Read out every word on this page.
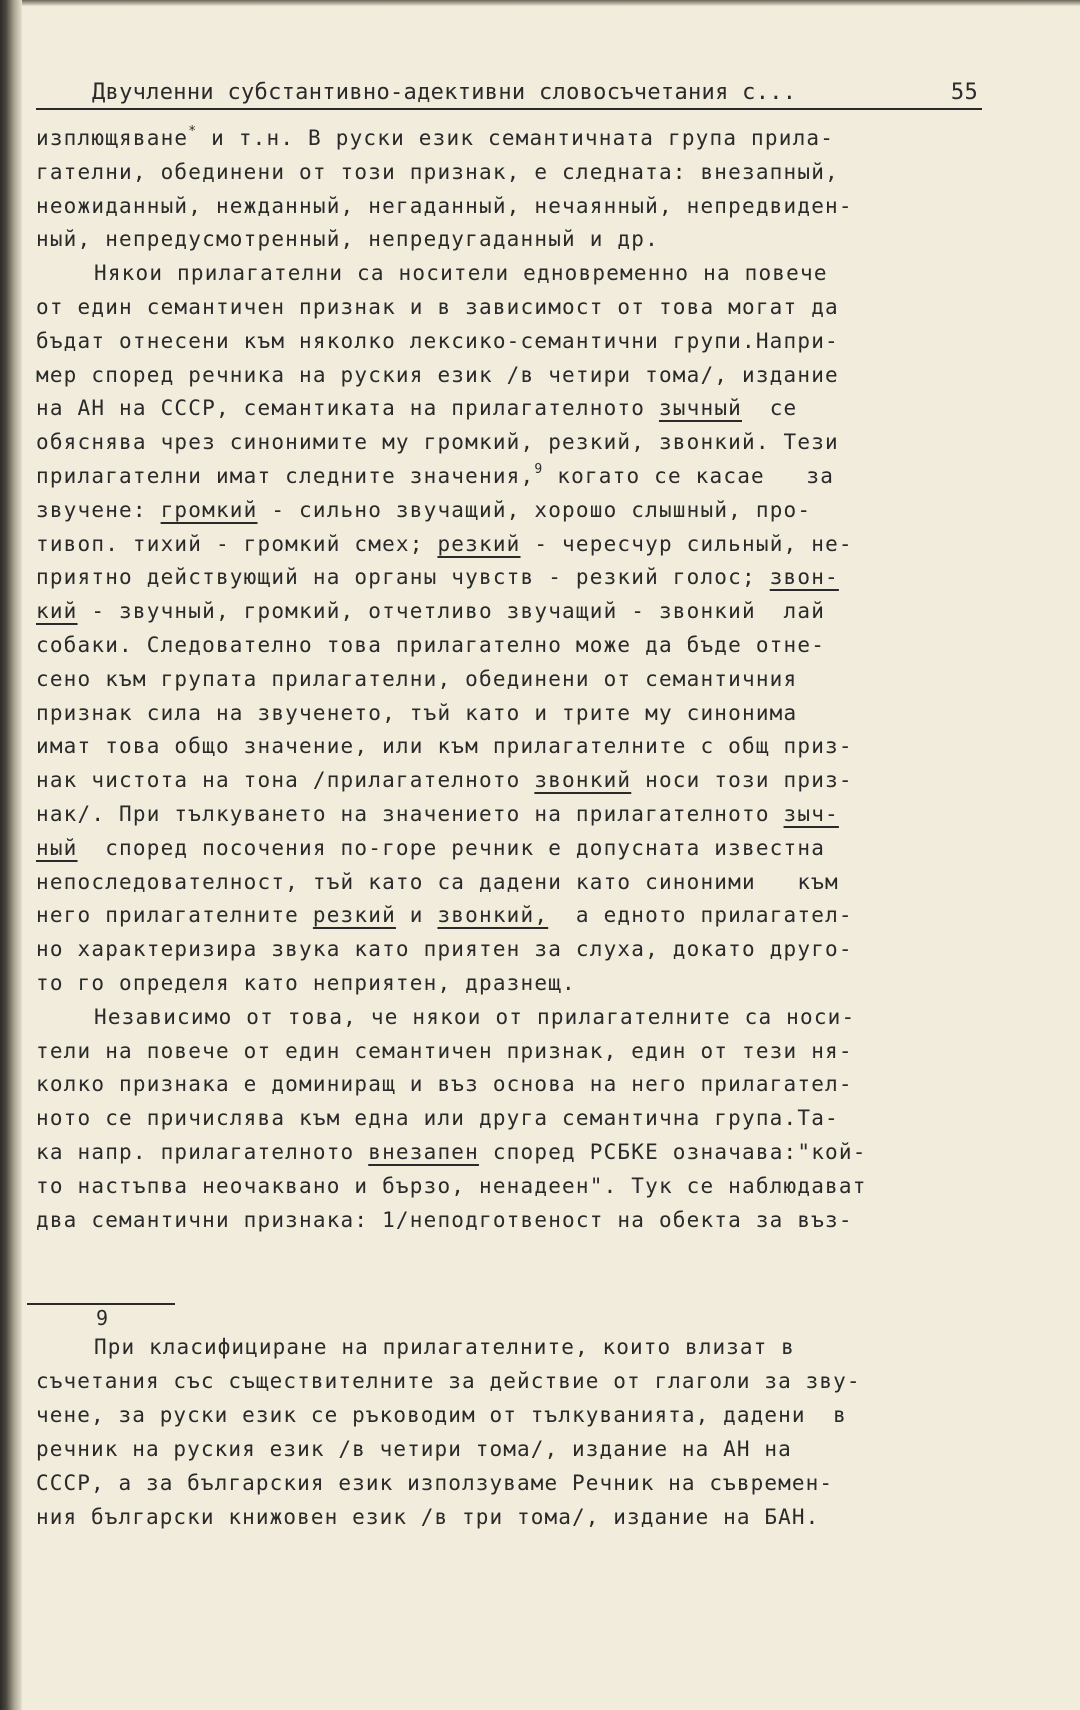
Двучленни субстантивно-адективни словосъчетания с...	55
изплющяване* и т.н. В руски език семантичната група прила-
гателни, обединени от този признак, е следната: внезапный,
неожиданный, нежданный, негаданный, нечаянный, непредвиден-
ный, непредусмотренный, непредугаданный и др.
Някои прилагателни са носители едновременно на повече
от един семантичен признак и в зависимост от това могат да
бъдат отнесени към няколко лексико-семантични групи.Напри-
мер според речника на руския език /в четири тома/, издание
на АН на СССР, семантиката на прилагателното зычный  се
обяснява чрез синонимите му громкий, резкий, звонкий. Тези
прилагателни имат следните значения,$^9$ когато се касае   за
звучене: громкий - сильно звучащий, хорошо слышный, про-
тивоп. тихий - громкий смех; резкий - чересчур сильный, не-
приятно действующий на органы чувств - резкий голос; звон-
кий - звучный, громкий, отчетливо звучащий - звонкий  лай
собаки. Следователно това прилагателно може да бъде отне-
сено към групата прилагателни, обединени от семантичния
признак сила на звученето, тъй като и трите му синонима
имат това общо значение, или към прилагателните с общ приз-
нак чистота на тона /прилагателното звонкий носи този приз-
нак/. При тълкуването на значението на прилагателното зыч-
ный  според посочения по-горе речник е допусната известна
непоследователност, тъй като са дадени като синоними   към
него прилагателните резкий и звонкий,  а едното прилагател-
но характеризира звука като приятен за слуха, докато друго-
то го определя като неприятен, дразнещ.
Независимо от това, че някои от прилагателните са носи-
тели на повече от един семантичен признак, един от тези ня-
колко признака е доминиращ и въз основа на него прилагател-
ното се причислява към една или друга семантична група.Та-
ка напр. прилагателното внезапен според РСБКЕ означава:"кой-
то настъпва неочаквано и бързо, ненадеен". Тук се наблюдават
два семантични признака: 1/неподготвеност на обекта за въз-
9
При класифициране на прилагателните, които влизат в
съчетания със съществителните за действие от глаголи за зву-
чене, за руски език се ръководим от тълкуванията, дадени  в
речник на руския език /в четири тома/, издание на АН на
СССР, а за българския език използуваме Речник на съвремен-
ния български книжовен език /в три тома/, издание на БАН.
